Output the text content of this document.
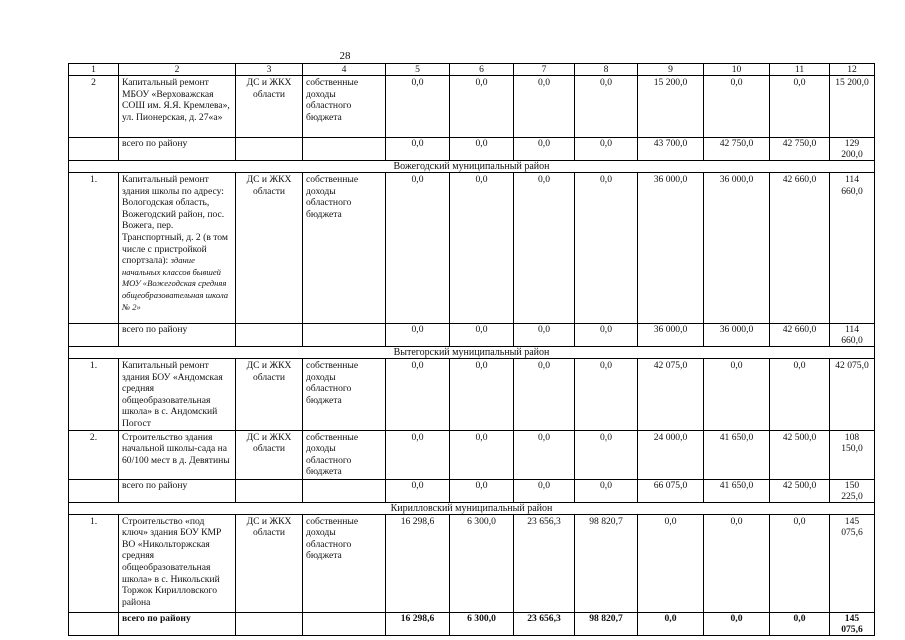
28
1	2	3	4	5	6	7	8	9	10	11	12
2	Капитальный ремонт МБОУ «Верховажская СОШ им. Я.Я. Кремлева», ул. Пионерская, д. 27«а»	ДС и ЖКХ области	собственные доходы областного бюджета	0,0	0,0	0,0	0,0	15 200,0	0,0	0,0	15 200,0
	всего по району			0,0	0,0	0,0	0,0	43 700,0	42 750,0	42 750,0	129 200,0
Вожегодский муниципальный район											
1.	Капитальный ремонт здания школы по адресу: Вологодская область, Вожегодский район, пос. Вожега, пер. Транспортный, д. 2 (в том числе с пристройкой спортзала): здание начальных классов бывшей МОУ «Вожегодская средняя общеобразовательная школа № 2»	ДС и ЖКХ области	собственные доходы областного бюджета	0,0	0,0	0,0	0,0	36 000,0	36 000,0	42 660,0	114 660,0
	всего по району			0,0	0,0	0,0	0,0	36 000,0	36 000,0	42 660,0	114 660,0
Вытегорский муниципальный район											
1.	Капитальный ремонт здания БОУ «Андомская средняя общеобразовательная школа» в с. Андомский Погост	ДС и ЖКХ области	собственные доходы областного бюджета	0,0	0,0	0,0	0,0	42 075,0	0,0	0,0	42 075,0
2.	Строительство здания начальной школы-сада на 60/100 мест в д. Девятины	ДС и ЖКХ области	собственные доходы областного бюджета	0,0	0,0	0,0	0,0	24 000,0	41 650,0	42 500,0	108 150,0
	всего по району			0,0	0,0	0,0	0,0	66 075,0	41 650,0	42 500,0	150 225,0
Кирилловский муниципальный район											
1.	Строительство «под ключ» здания БОУ КМР ВО «Никольторжская средняя общеобразовательная школа» в с. Никольский Торжок Кирилловского района	ДС и ЖКХ области	собственные доходы областного бюджета	16 298,6	6 300,0	23 656,3	98 820,7	0,0	0,0	0,0	145 075,6
	всего по району			16 298,6	6 300,0	23 656,3	98 820,7	0,0	0,0	0,0	145 075,6
